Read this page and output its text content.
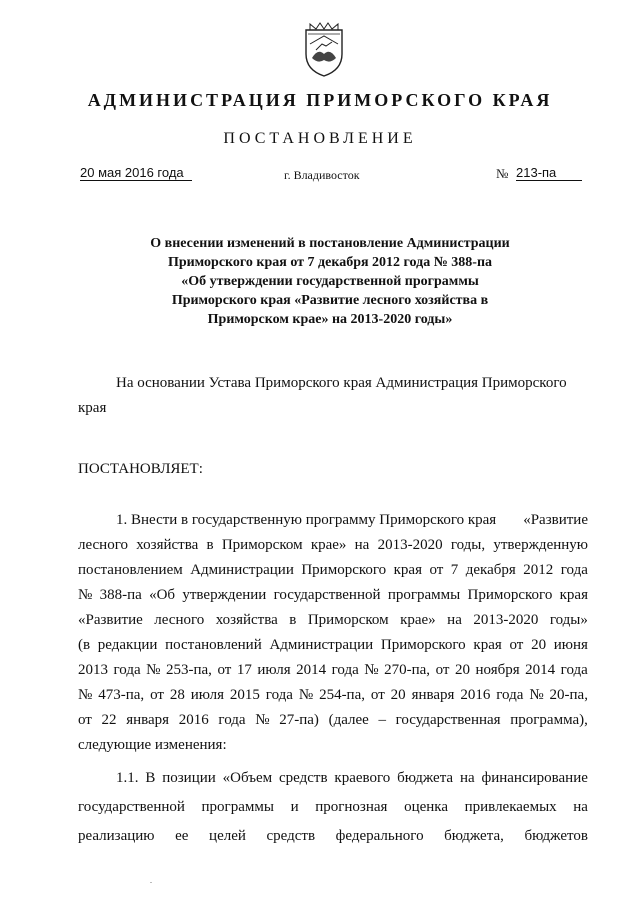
АДМИНИСТРАЦИЯ ПРИМОРСКОГО КРАЯ
ПОСТАНОВЛЕНИЕ
20 мая 2016 года	г. Владивосток	№ 213-па
О внесении изменений в постановление Администрации
Приморского края от 7 декабря 2012 года № 388-па
«Об утверждении государственной программы
Приморского края «Развитие лесного хозяйства в
Приморском крае» на 2013-2020 годы»
На основании Устава Приморского края Администрация Приморского
края
ПОСТАНОВЛЯЕТ:
1. Внести в государственную программу Приморского края «Развитие
лесного хозяйства в Приморском крае» на 2013-2020 годы, утвержденную
постановлением Администрации Приморского края от 7 декабря 2012 года
№ 388-па «Об утверждении государственной программы Приморского края
«Развитие лесного хозяйства в Приморском крае» на 2013-2020 годы»
(в редакции постановлений Администрации Приморского края от 20 июня
2013 года № 253-па, от 17 июля 2014 года № 270-па, от 20 ноября 2014 года
№ 473-па, от 28 июля 2015 года № 254-па, от 20 января 2016 года № 20-па,
от 22 января 2016 года № 27-па) (далее – государственная программа),
следующие изменения:
1.1. В позиции «Объем средств краевого бюджета на финансирование
государственной программы и прогнозная оценка привлекаемых на
реализацию ее целей средств федерального бюджета, бюджетов
